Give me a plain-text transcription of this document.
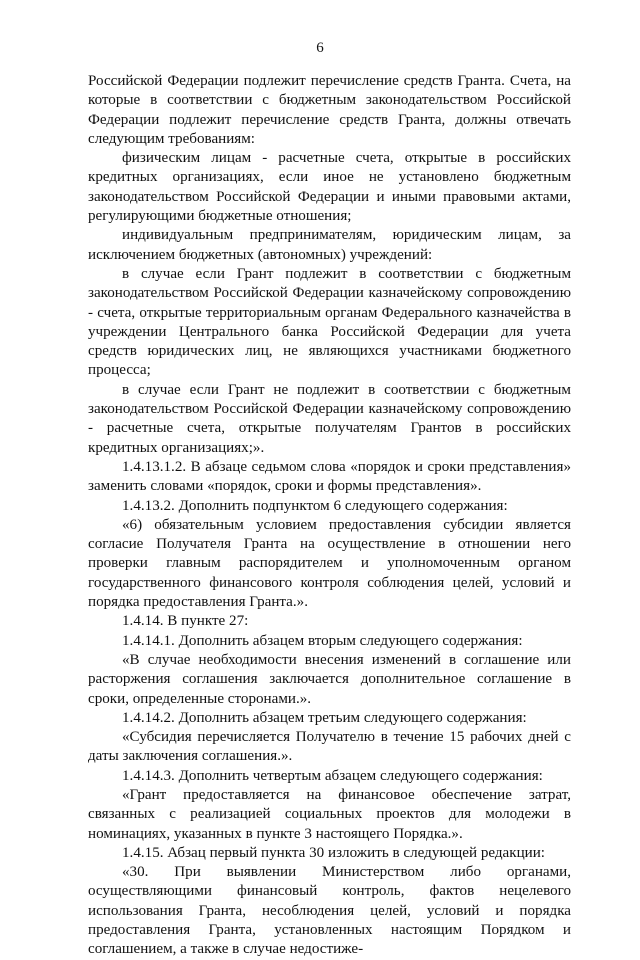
6

Российской Федерации подлежит перечисление средств Гранта. Счета, на которые в соответствии с бюджетным законодательством Российской Федерации подлежит перечисление средств Гранта, должны отвечать следующим требованиям:

физическим лицам - расчетные счета, открытые в российских кредитных организациях, если иное не установлено бюджетным законодательством Российской Федерации и иными правовыми актами, регулирующими бюджетные отношения;

индивидуальным предпринимателям, юридическим лицам, за исключением бюджетных (автономных) учреждений:

в случае если Грант подлежит в соответствии с бюджетным законодательством Российской Федерации казначейскому сопровождению - счета, открытые территориальным органам Федерального казначейства в учреждении Центрального банка Российской Федерации для учета средств юридических лиц, не являющихся участниками бюджетного процесса;

в случае если Грант не подлежит в соответствии с бюджетным законодательством Российской Федерации казначейскому сопровождению - расчетные счета, открытые получателям Грантов в российских кредитных организациях;».

1.4.13.1.2. В абзаце седьмом слова «порядок и сроки представления» заменить словами «порядок, сроки и формы представления».

1.4.13.2. Дополнить подпунктом 6 следующего содержания:

«6) обязательным условием предоставления субсидии является согласие Получателя Гранта на осуществление в отношении него проверки главным распорядителем и уполномоченным органом государственного финансового контроля соблюдения целей, условий и порядка предоставления Гранта.».

1.4.14. В пункте 27:

1.4.14.1. Дополнить абзацем вторым следующего содержания:

«В случае необходимости внесения изменений в соглашение или расторжения соглашения заключается дополнительное соглашение в сроки, определенные сторонами.».

1.4.14.2. Дополнить абзацем третьим следующего содержания:

«Субсидия перечисляется Получателю в течение 15 рабочих дней с даты заключения соглашения.».

1.4.14.3. Дополнить четвертым абзацем следующего содержания:

«Грант предоставляется на финансовое обеспечение затрат, связанных с реализацией социальных проектов для молодежи в номинациях, указанных в пункте 3 настоящего Порядка.».

1.4.15. Абзац первый пункта 30 изложить в следующей редакции:

«30. При выявлении Министерством либо органами, осуществляющими финансовый контроль, фактов нецелевого использования Гранта, несоблюдения целей, условий и порядка предоставления Гранта, установленных настоящим Порядком и соглашением, а также в случае недостиже-
